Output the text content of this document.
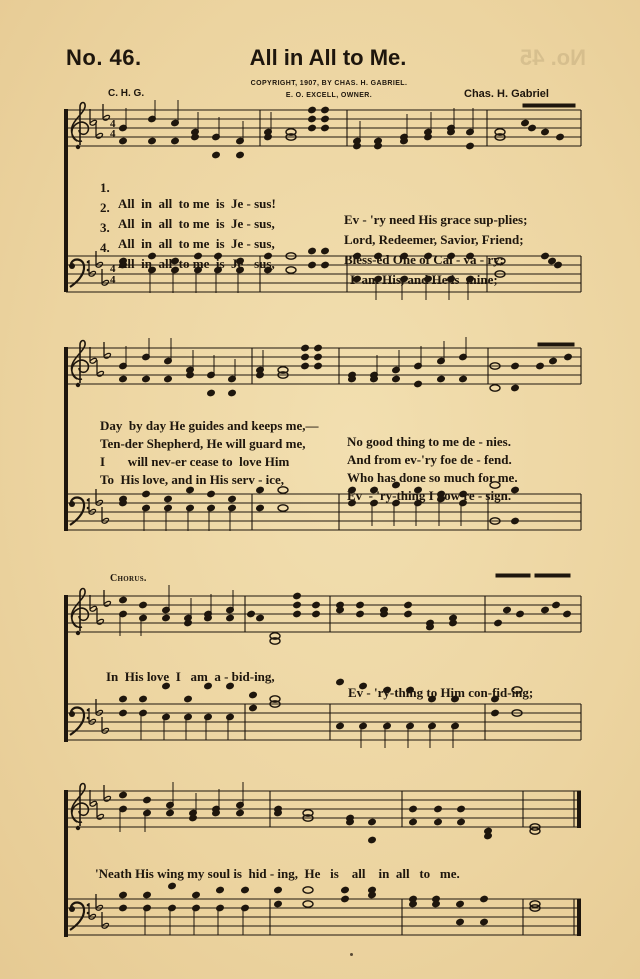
No. 45
No. 46.	All in All to Me.
COPYRIGHT, 1907, BY CHAS. H. GABRIEL.
E. O. EXCELL, OWNER.
C. H. G.	Chas. H. Gabriel
4
4
4
4

1.

All  in  all  to me  is  Je - sus!

Ev - 'ry need His grace sup-plies;

2.

All  in  all  to me  is  Je - sus,

Lord, Redeemer, Savior, Friend;

3.

All  in  all  to me  is  Je - sus,

Bless-ed One of Cal - va - ry;

4.

All  in  all  to me  is  Je - sus,

I  am His, and He is  mine;

Day  by day He guides and keeps me,—

No good thing to me de - nies.

Ten-der Shepherd, He will guard me,

And from ev-'ry foe de - fend.

I       will nev-er cease to  love Him

Who has done so much for me.

To  His love, and in His serv - ice,

Ev  - 'ry-thing I now re - sign.

Chorus.

In  His love  I   am  a - bid-ing,

Ev - 'ry-thing to Him con-fid-ing;

'Neath His wing my soul is  hid - ing,  He   is    all    in  all   to   me.
